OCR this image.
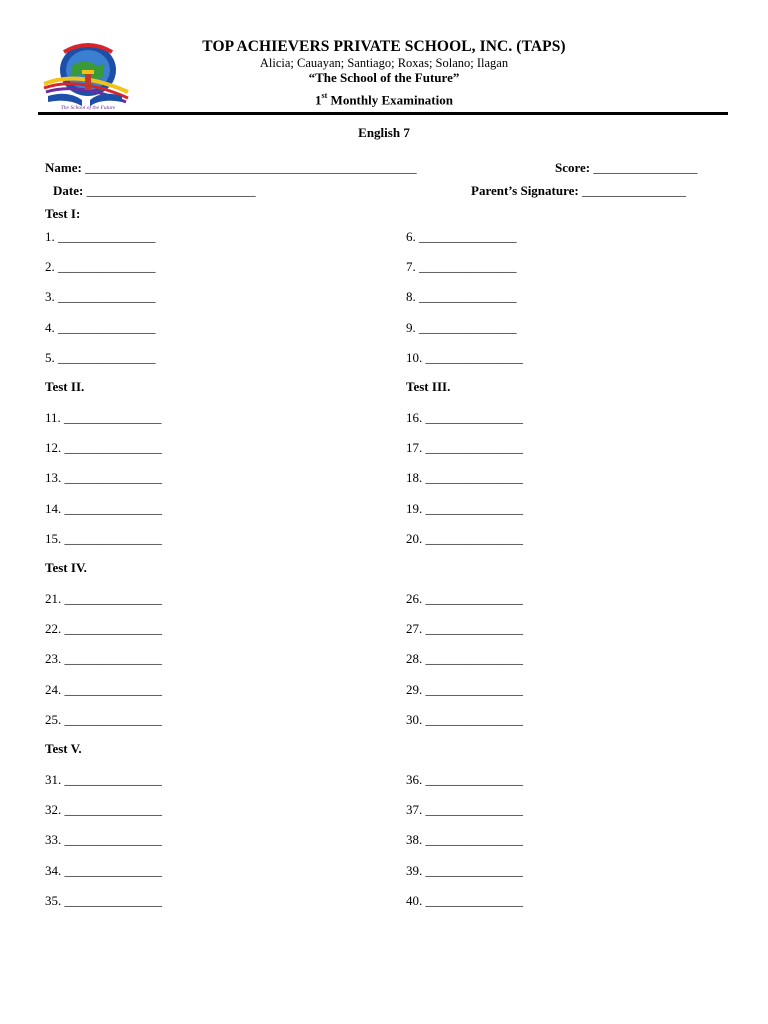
The School of the Future
TOP ACHIEVERS PRIVATE SCHOOL, INC. (TAPS)
Alicia; Cauayan; Santiago; Roxas; Solano; Ilagan
“The School of the Future”
1st Monthly Examination
English 7
Name: ___________________________________________________	Score: ________________
Date: __________________________	Parent’s Signature: ________________
Test I:
Test II.	Test III.
Test IV.
Test V.
1. _______________
2. _______________
3. _______________
4. _______________
5. _______________
6. _______________
7. _______________
8. _______________
9. _______________
10. _______________
11. _______________
12. _______________
13. _______________
14. _______________
15. _______________
16. _______________
17. _______________
18. _______________
19. _______________
20. _______________
21. _______________
22. _______________
23. _______________
24. _______________
25. _______________
26. _______________
27. _______________
28. _______________
29. _______________
30. _______________
31. _______________
32. _______________
33. _______________
34. _______________
35. _______________
36. _______________
37. _______________
38. _______________
39. _______________
40. _______________
